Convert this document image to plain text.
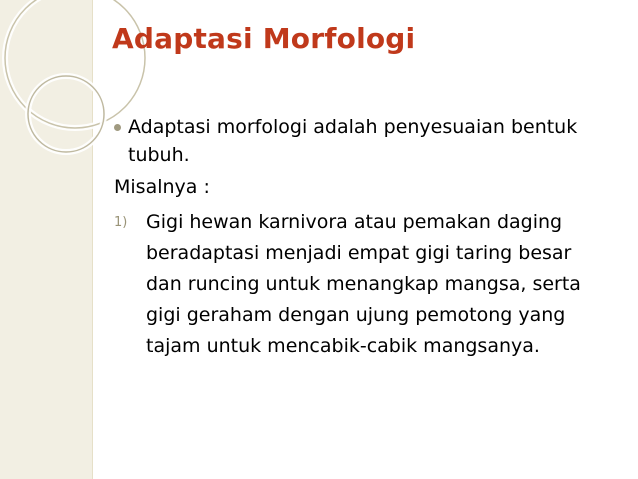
Adaptasi Morfologi
Adaptasi morfologi adalah penyesuaian bentuk tubuh.
Misalnya :
1) Gigi hewan karnivora atau pemakan daging beradaptasi menjadi empat gigi taring besar dan runcing untuk menangkap mangsa, serta gigi geraham dengan ujung pemotong yang tajam untuk mencabik-cabik mangsanya.
